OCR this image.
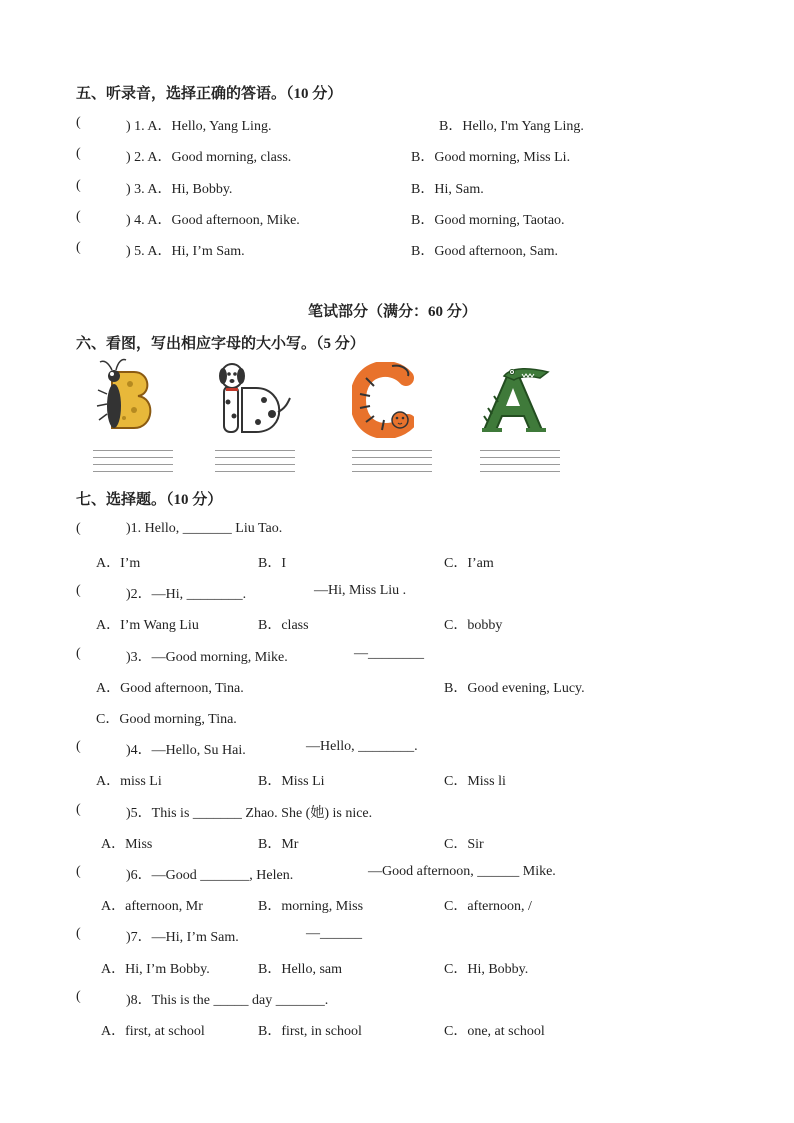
五、听录音，选择正确的答语。（10 分）
(	) 1. A．Hello, Yang Ling.	B．Hello, I'm Yang Ling.
(	) 2. A．Good morning, class.	B．Good morning, Miss Li.
(	) 3. A．Hi, Bobby.	B．Hi, Sam.
(	) 4. A．Good afternoon, Mike.	B．Good morning, Taotao.
(	) 5. A．Hi, I’m Sam.	B．Good afternoon, Sam.
笔试部分（满分：60 分）
六、看图，写出相应字母的大小写。（5 分）
七、选择题。（10 分）
(	)1. Hello, _______ Liu Tao.
A．I’m	B．I	C．I’am
(	)2．—Hi, ________.	—Hi, Miss Liu .
A．I’m Wang Liu	B．class	C．bobby
(	)3．—Good morning, Mike.	—________
A．Good afternoon, Tina.	B．Good evening, Lucy.
C．Good morning, Tina.
(	)4．—Hello, Su Hai.	—Hello, ________.
A．miss Li	B．Miss Li	C．Miss li
(	)5．This is _______ Zhao. She (她) is nice.
A．Miss	B．Mr	C．Sir
(	)6．—Good _______, Helen.	—Good afternoon, ______ Mike.
A．afternoon, Mr	B．morning, Miss	C．afternoon, /
(	)7．—Hi, I’m Sam.	—______
A．Hi, I’m Bobby.	B．Hello, sam	C．Hi, Bobby.
(	)8．This is the _____ day _______.
A．first, at school	B．first, in school	C．one, at school
